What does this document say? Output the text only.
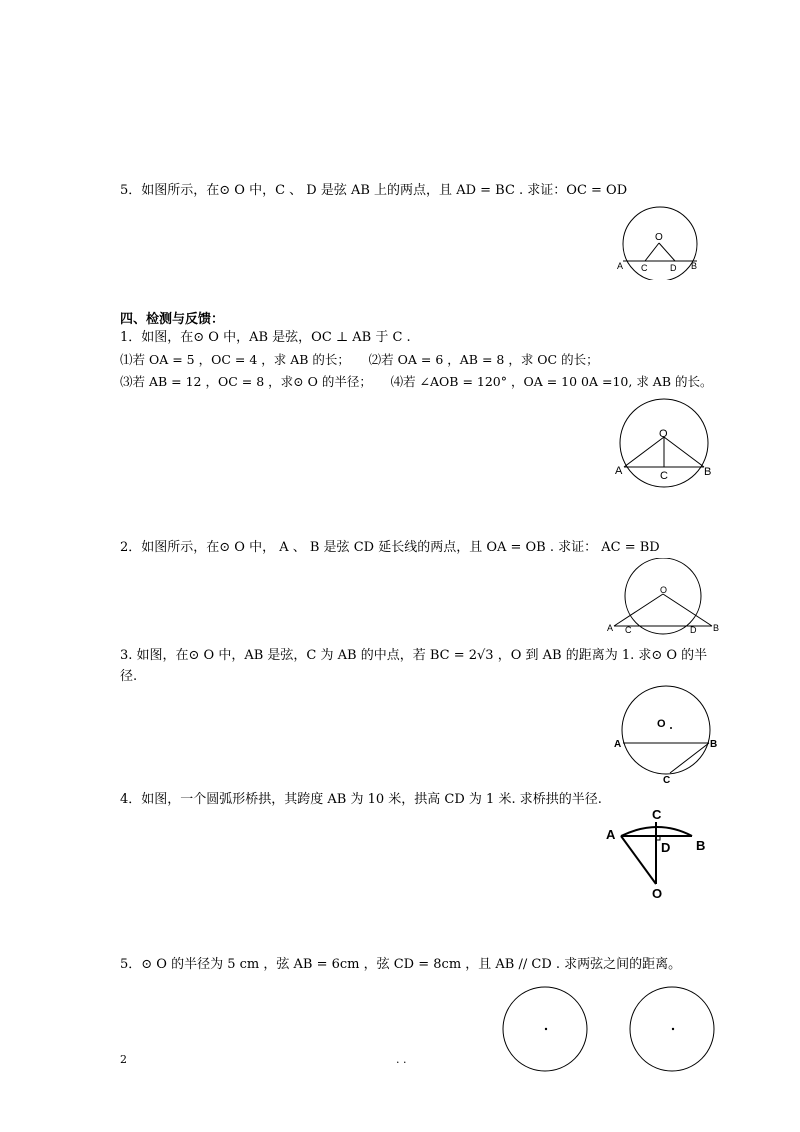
5．如图所示，在⊙ O 中，C 、 D 是弦 AB 上的两点，且 AD = BC . 求证：OC = OD
O
A C	D B
四、检测与反馈：
1．如图，在⊙ O 中，AB 是弦，OC ⊥ AB 于 C .
⑴若 OA = 5 ，OC = 4 ，求 AB 的长；　　⑵若 OA = 6 ，AB = 8 ，求 OC 的长；
⑶若 AB = 12 ，OC = 8 ，求⊙ O 的半径；　　⑷若 ∠AOB = 120° ，OA = 10 0A =10, 求 AB 的长。
O
A	C	B
2．如图所示，在⊙ O 中， A 、 B 是弦 CD 延长线的两点，且 OA = OB . 求证： AC = BD
O
A C	D B
3. 如图，在⊙ O 中，AB 是弦，C 为 AB 的中点，若 BC = 2√3 ，O 到 AB 的距离为 1. 求⊙ O 的半
径.
O
A	B
C
4．如图，一个圆弧形桥拱，其跨度 AB 为 10 米，拱高 CD 为 1 米. 求桥拱的半径.
C
A
D B
O
5．⊙ O 的半径为 5 cm ，弦 AB = 6cm ，弦 CD = 8cm ，且 AB // CD . 求两弦之间的距离。
2	. .
